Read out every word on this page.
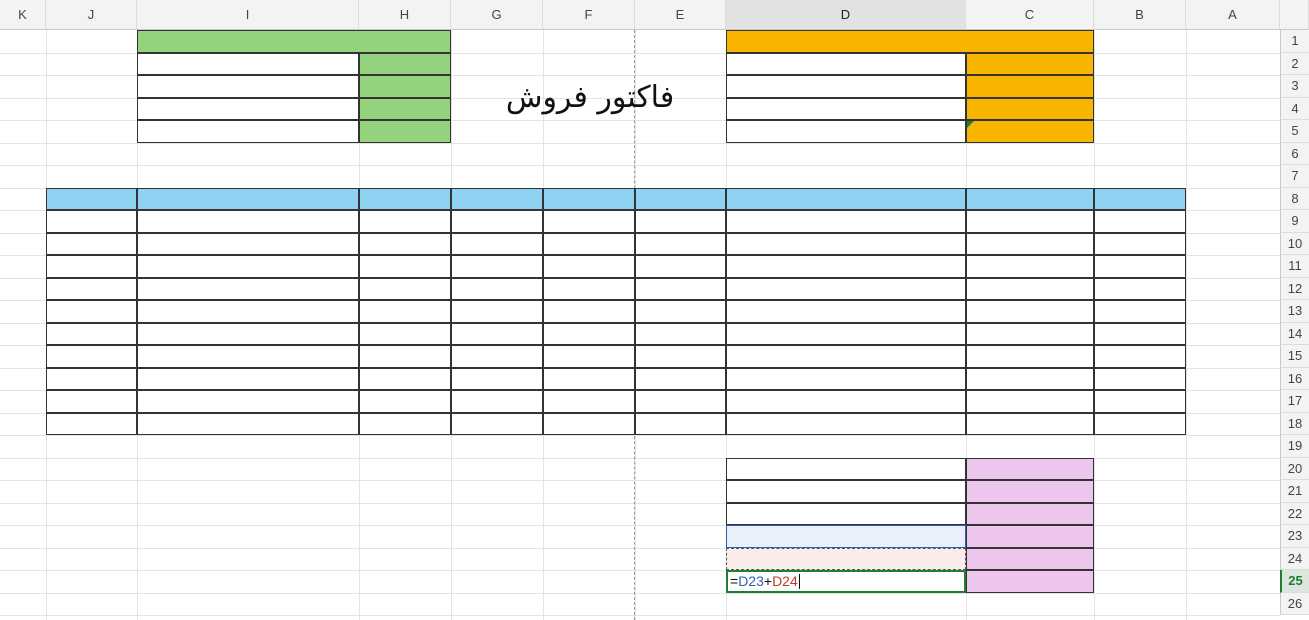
K	J	I	H	G	F	E	D	C	B	A
1
2
3
4
5
6
7
8
9
10
11
12
13
14
15
16
17
18
19
20
21
22
23
24
25
26
فاکتور فروش
= D23 + D24
